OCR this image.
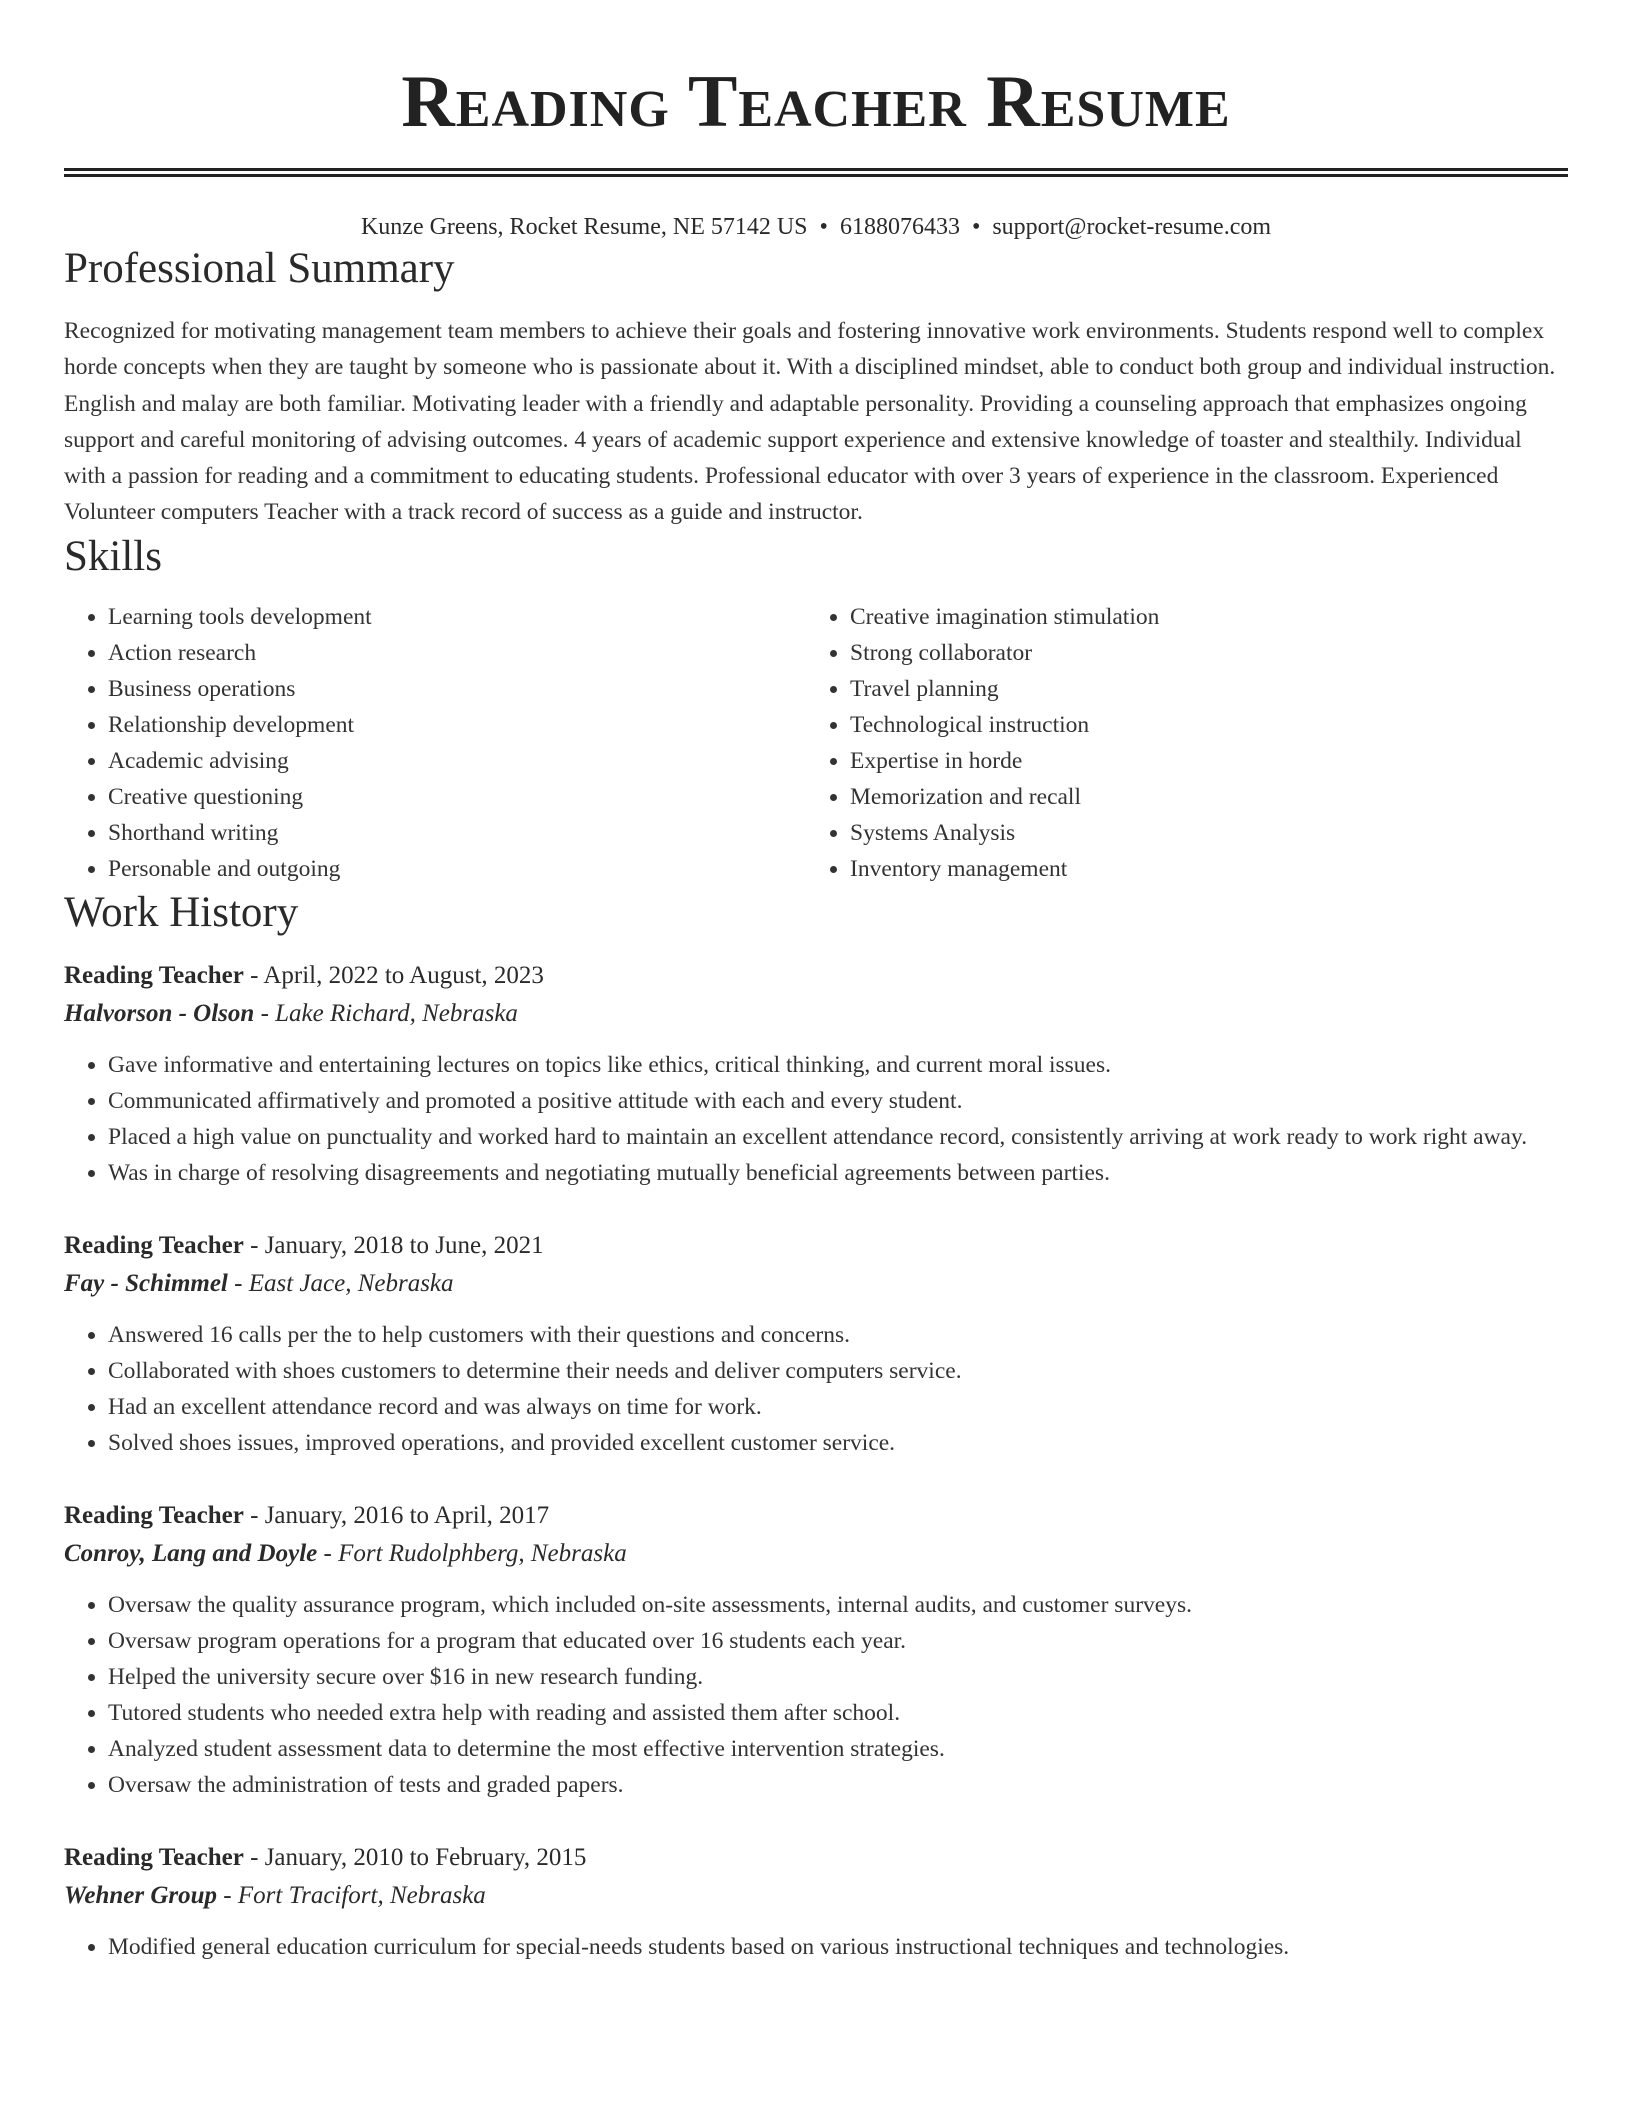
Reading Teacher Resume
Kunze Greens, Rocket Resume, NE 57142 US • 6188076433 • support@rocket-resume.com
Professional Summary

Recognized for motivating management team members to achieve their goals and fostering innovative work environments. Students respond well to complex horde concepts when they are taught by someone who is passionate about it. With a disciplined mindset, able to conduct both group and individual instruction. English and malay are both familiar. Motivating leader with a friendly and adaptable personality. Providing a counseling approach that emphasizes ongoing support and careful monitoring of advising outcomes. 4 years of academic support experience and extensive knowledge of toaster and stealthily. Individual with a passion for reading and a commitment to educating students. Professional educator with over 3 years of experience in the classroom. Experienced Volunteer computers Teacher with a track record of success as a guide and instructor.

Skills
• Learning tools development
• Action research
• Business operations
• Relationship development
• Academic advising
• Creative questioning
• Shorthand writing
• Personable and outgoing
• Creative imagination stimulation
• Strong collaborator
• Travel planning
• Technological instruction
• Expertise in horde
• Memorization and recall
• Systems Analysis
• Inventory management
Work History
Reading Teacher - April, 2022 to August, 2023
Halvorson - Olson - Lake Richard, Nebraska
• Gave informative and entertaining lectures on topics like ethics, critical thinking, and current moral issues.
• Communicated affirmatively and promoted a positive attitude with each and every student.
• Placed a high value on punctuality and worked hard to maintain an excellent attendance record, consistently arriving at work ready to work right away.
• Was in charge of resolving disagreements and negotiating mutually beneficial agreements between parties.
Reading Teacher - January, 2018 to June, 2021
Fay - Schimmel - East Jace, Nebraska
• Answered 16 calls per the to help customers with their questions and concerns.
• Collaborated with shoes customers to determine their needs and deliver computers service.
• Had an excellent attendance record and was always on time for work.
• Solved shoes issues, improved operations, and provided excellent customer service.
Reading Teacher - January, 2016 to April, 2017
Conroy, Lang and Doyle - Fort Rudolphberg, Nebraska
• Oversaw the quality assurance program, which included on-site assessments, internal audits, and customer surveys.
• Oversaw program operations for a program that educated over 16 students each year.
• Helped the university secure over $16 in new research funding.
• Tutored students who needed extra help with reading and assisted them after school.
• Analyzed student assessment data to determine the most effective intervention strategies.
• Oversaw the administration of tests and graded papers.
Reading Teacher - January, 2010 to February, 2015
Wehner Group - Fort Tracifort, Nebraska
• Modified general education curriculum for special-needs students based on various instructional techniques and technologies.
